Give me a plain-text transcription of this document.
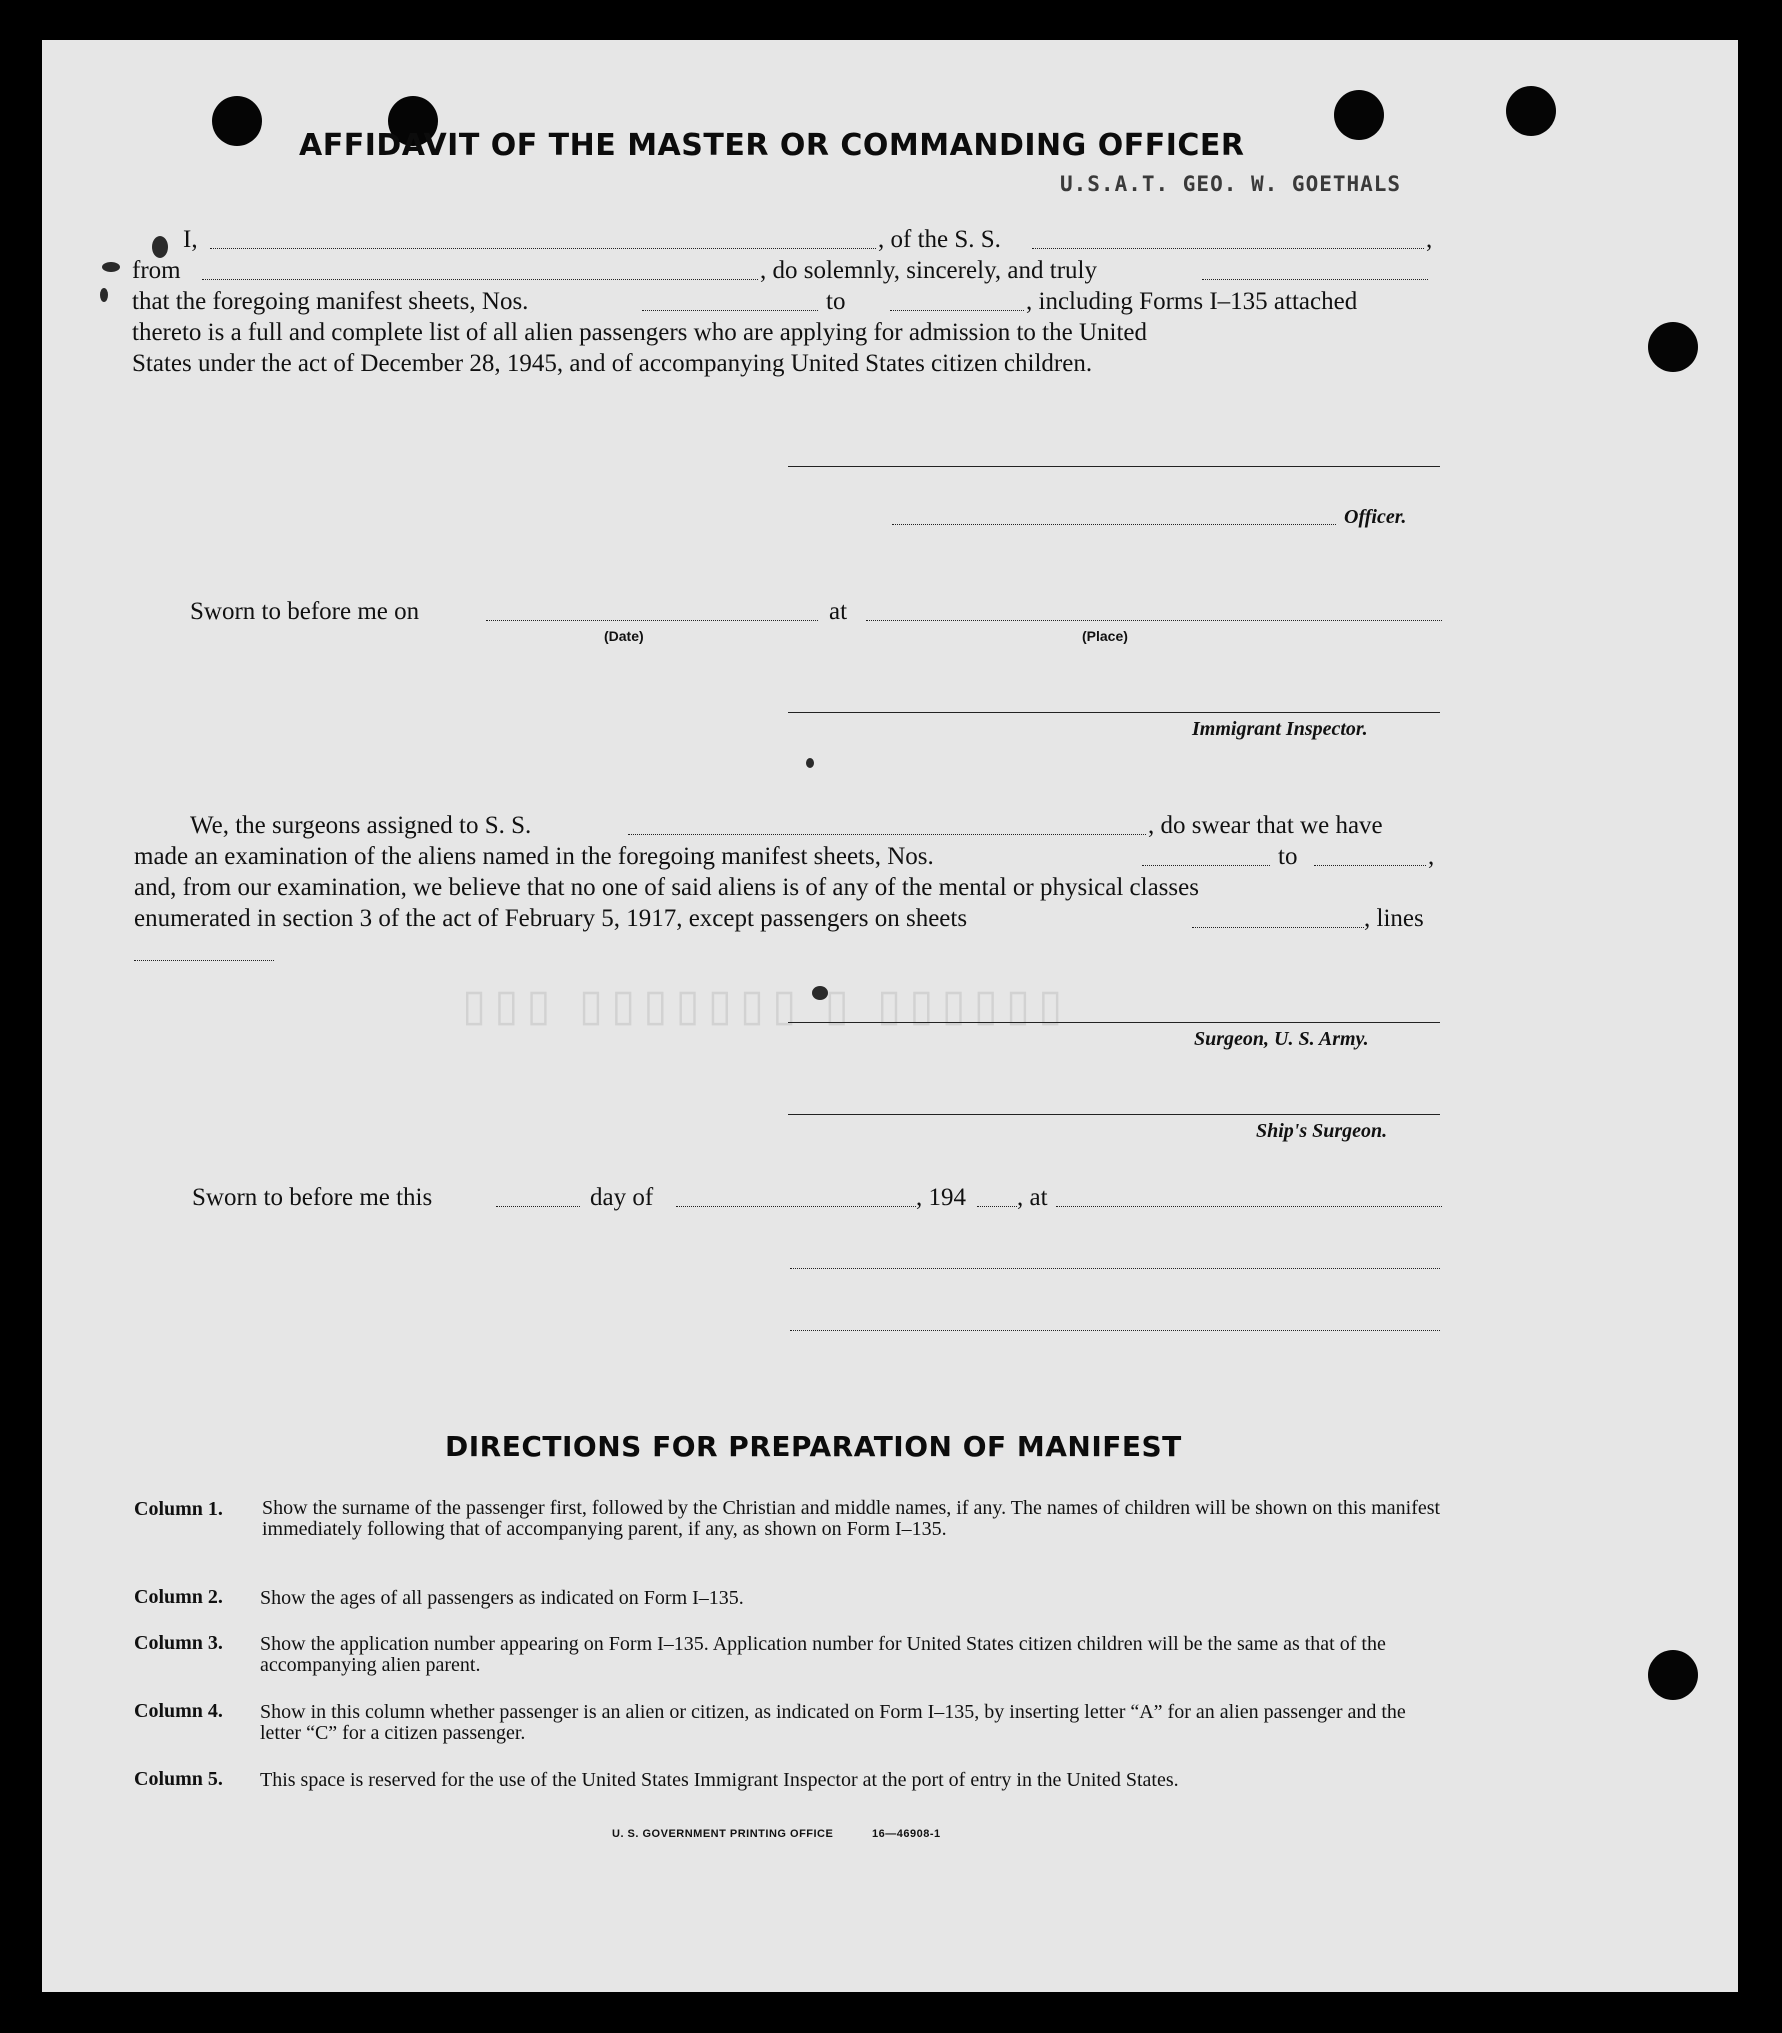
▯▯▯ ▯▯▯▯▯▯▯ ▯ ▯▯▯▯▯▯
AFFIDAVIT OF THE MASTER OR COMMANDING OFFICER
U.S.A.T. GEO. W. GOETHALS
I,	, of the S. S.	,
from	, do solemnly, sincerely, and truly
that the foregoing manifest sheets, Nos.	to	, including Forms I–135 attached
thereto is a full and complete list of all alien passengers who are applying for admission to the United
States under the act of December 28, 1945, and of accompanying United States citizen children.
Officer.
Sworn to before me on
(Date)
at
(Place)
Immigrant Inspector.
We, the surgeons assigned to S. S.	, do swear that we have
made an examination of the aliens named in the foregoing manifest sheets, Nos.	to	,
and, from our examination, we believe that no one of said aliens is of any of the mental or physical classes
enumerated in section 3 of the act of February 5, 1917, except passengers on sheets	, lines
Surgeon, U. S. Army.
Ship's Surgeon.
Sworn to before me this	day of	, 194 , at
DIRECTIONS FOR PREPARATION OF MANIFEST
Column 1. Show the surname of the passenger first, followed by the Christian and middle names, if any. The names of children will be shown on this manifest immediately following that of accompanying parent, if any, as shown on Form I–135.
Column 2. Show the ages of all passengers as indicated on Form I–135.
Column 3. Show the application number appearing on Form I–135. Application number for United States citizen children will be the same as that of the accompanying alien parent.
Column 4. Show in this column whether passenger is an alien or citizen, as indicated on Form I–135, by inserting letter “A” for an alien passenger and the letter “C” for a citizen passenger.
Column 5. This space is reserved for the use of the United States Immigrant Inspector at the port of entry in the United States.
U. S. GOVERNMENT PRINTING OFFICE	16—46908-1
